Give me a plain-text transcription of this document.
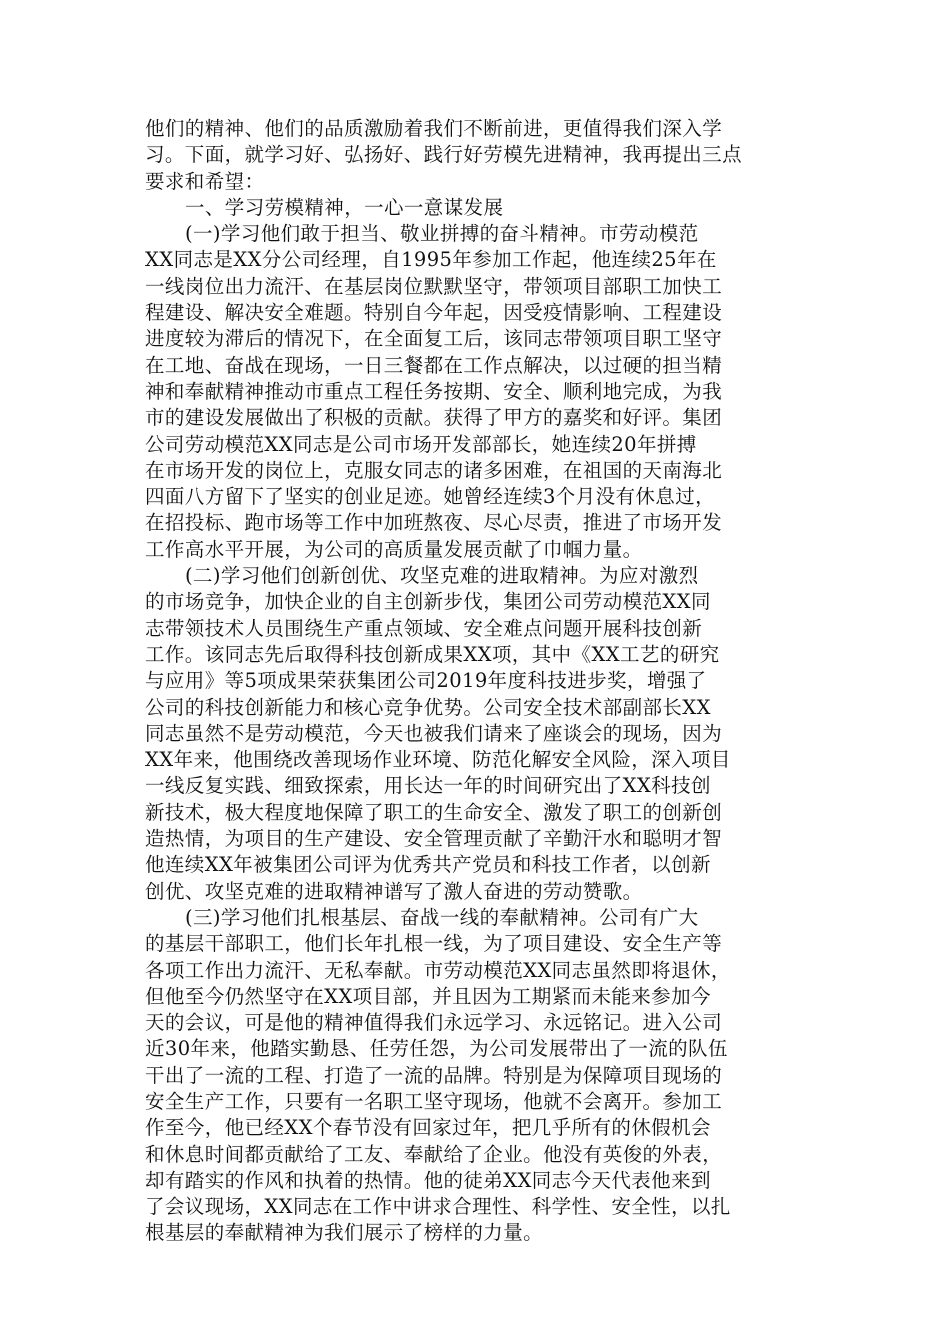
他们的精神、他们的品质激励着我们不断前进，更值得我们深入学
习。下面，就学习好、弘扬好、践行好劳模先进精神，我再提出三点
要求和希望：
一、学习劳模精神，一心一意谋发展
(一)学习他们敢于担当、敬业拼搏的奋斗精神。市劳动模范
XX同志是XX分公司经理，自1995年参加工作起，他连续25年在
一线岗位出力流汗、在基层岗位默默坚守，带领项目部职工加快工
程建设、解决安全难题。特别自今年起，因受疫情影响、工程建设
进度较为滞后的情况下，在全面复工后，该同志带领项目职工坚守
在工地、奋战在现场，一日三餐都在工作点解决，以过硬的担当精
神和奉献精神推动市重点工程任务按期、安全、顺利地完成，为我
市的建设发展做出了积极的贡献。获得了甲方的嘉奖和好评。集团
公司劳动模范XX同志是公司市场开发部部长，她连续20年拼搏
在市场开发的岗位上，克服女同志的诸多困难，在祖国的天南海北
四面八方留下了坚实的创业足迹。她曾经连续3个月没有休息过，
在招投标、跑市场等工作中加班熬夜、尽心尽责，推进了市场开发
工作高水平开展，为公司的高质量发展贡献了巾帼力量。
(二)学习他们创新创优、攻坚克难的进取精神。为应对激烈
的市场竞争，加快企业的自主创新步伐，集团公司劳动模范XX同
志带领技术人员围绕生产重点领域、安全难点问题开展科技创新
工作。该同志先后取得科技创新成果XX项，其中《XX工艺的研究
与应用》等5项成果荣获集团公司2019年度科技进步奖，增强了
公司的科技创新能力和核心竞争优势。公司安全技术部副部长XX
同志虽然不是劳动模范，今天也被我们请来了座谈会的现场，因为
XX年来，他围绕改善现场作业环境、防范化解安全风险，深入项目
一线反复实践、细致探索，用长达一年的时间研究出了XX科技创
新技术，极大程度地保障了职工的生命安全、激发了职工的创新创
造热情，为项目的生产建设、安全管理贡献了辛勤汗水和聪明才智
他连续XX年被集团公司评为优秀共产党员和科技工作者，以创新
创优、攻坚克难的进取精神谱写了激人奋进的劳动赞歌。
(三)学习他们扎根基层、奋战一线的奉献精神。公司有广大
的基层干部职工，他们长年扎根一线，为了项目建设、安全生产等
各项工作出力流汗、无私奉献。市劳动模范XX同志虽然即将退休，
但他至今仍然坚守在XX项目部，并且因为工期紧而未能来参加今
天的会议，可是他的精神值得我们永远学习、永远铭记。进入公司
近30年来，他踏实勤恳、任劳任怨，为公司发展带出了一流的队伍
干出了一流的工程、打造了一流的品牌。特别是为保障项目现场的
安全生产工作，只要有一名职工坚守现场，他就不会离开。参加工
作至今，他已经XX个春节没有回家过年，把几乎所有的休假机会
和休息时间都贡献给了工友、奉献给了企业。他没有英俊的外表，
却有踏实的作风和执着的热情。他的徒弟XX同志今天代表他来到
了会议现场，XX同志在工作中讲求合理性、科学性、安全性，以扎
根基层的奉献精神为我们展示了榜样的力量。
